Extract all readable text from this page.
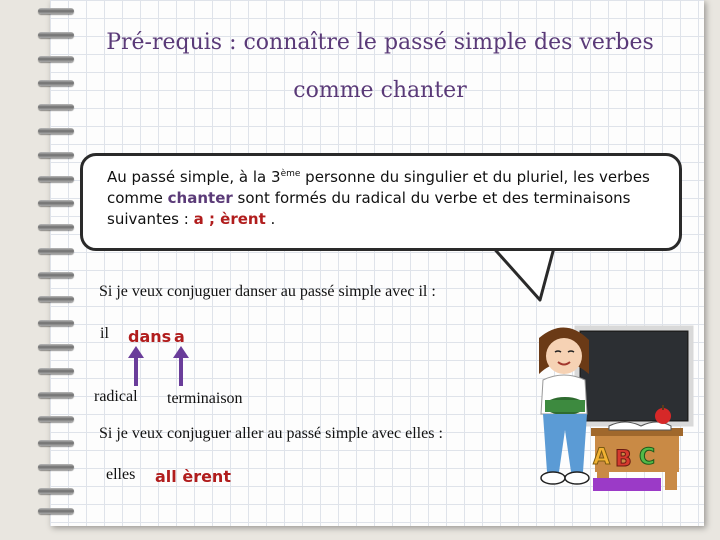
Pré-requis : connaître le passé simple des verbes
comme chanter
Au passé simple, à la 3ème personne du singulier et du pluriel, les verbes comme chanter sont formés du radical du verbe et des terminaisons suivantes : a ; èrent .
Si je veux conjuguer danser au passé simple avec il :
il dans a
radical terminaison
Si je veux conjuguer aller au passé simple avec elles :
elles all èrent
A B C
